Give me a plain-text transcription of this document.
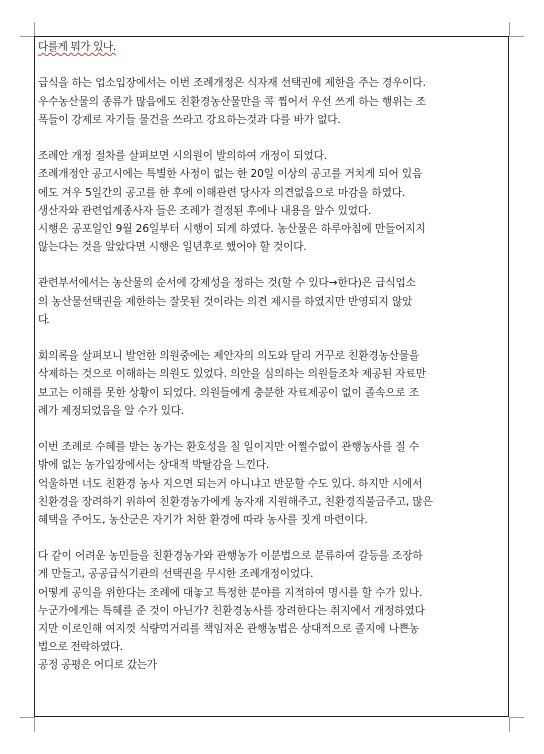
다를게 뭐가 있나.
급식을 하는 업소입장에서는 이번 조례개정은 식자재 선택권에 제한을 주는 경우이다.
우수농산물의 종류가 많음에도 친환경농산물만을 콕 찝어서 우선 쓰게 하는 행위는 조
폭들이 강제로 자기들 물건을 쓰라고 강요하는것과 다를 바가 없다.
조례안 개정 절차를 살펴보면 시의원이 발의하여 개정이 되었다.
조례개정안 공고시에는 특별한 사정이 없는 한 20일 이상의 공고를 거치게 되어 있음
에도 겨우 5일간의 공고를 한 후에 이해관련 당사자 의견없음으로 마감을 하였다.
생산자와 관련업계종사자 들은 조례가 결정된 후에나 내용을 알수 있었다.
시행은 공포일인 9월 26일부터 시행이 되게 하였다. 농산물은 하루아침에 만들어지지
않는다는 것을 알았다면 시행은 일년후로 했어야 할 것이다.
관련부서에서는 농산물의 순서에 강제성을 정하는 것(할 수 있다→한다)은 급식업소
의 농산물선택권을 제한하는 잘못된 것이라는 의견 제시를 하였지만 반영되지 않았
다.
회의록을 살펴보니 발언한 의원중에는 제안자의 의도와 달리 거꾸로 친환경농산물을
삭제하는 것으로 이해하는 의원도 있었다. 의안을 심의하는 의원들조차 제공된 자료만
보고는 이해를 못한 상황이 되었다. 의원들에게 충분한 자료제공이 없이 졸속으로 조
례가 제정되었음을 알 수가 있다.
이번 조례로 수혜를 받는 농가는 환호성을 칠 일이지만 어쩔수없이 관행농사를 질 수
밖에 없는 농가입장에서는 상대적 박탈감을 느낀다.
억울하면 너도 친환경 농사 지으면 되는거 아니냐고 반문할 수도 있다. 하지만 시에서
친환경을 장려하기 위하여 친환경농가에게 농자재 지원해주고, 친환경직불금주고, 많은
혜택을 주어도, 농산군은 자기가 처한 환경에 따라 농사를 짓게 마련이다.
다 같이 어려운 농민들을 친환경농가와 관행농가 이분법으로 분류하여 갈등을 조장하
게 만들고, 공공급식기관의 선택권을 무시한 조례개정이었다.
어떻게 공익을 위한다는 조례에 대놓고 특정한 분야를 지적하여 명시를 할 수가 있나.
누군가에게는 특혜를 준 것이 아닌가? 친환경농사를 장려한다는 취지에서 개정하였다
지만 이로인해 여지껏 식량먹거리를 책임져온 관행농법은 상대적으로 졸지에 나쁜농
법으로 전락하였다.
공정 공평은 어디로 갔는가
